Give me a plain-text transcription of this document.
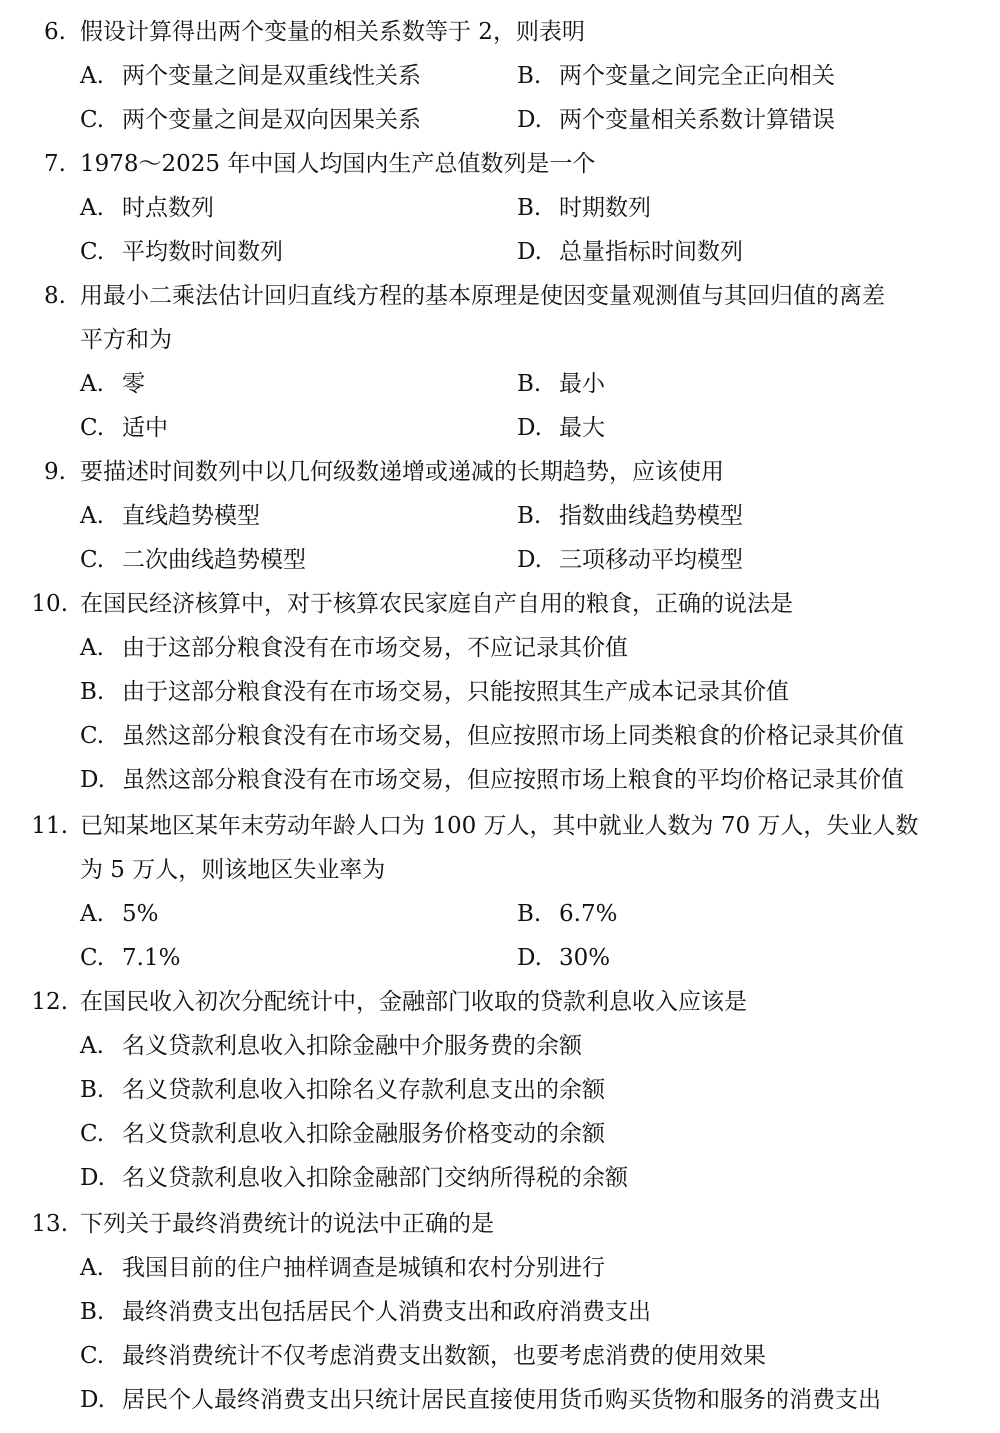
6. 假设计算得出两个变量的相关系数等于 2，则表明
A. 两个变量之间是双重线性关系	B. 两个变量之间完全正向相关
C. 两个变量之间是双向因果关系	D. 两个变量相关系数计算错误
7. 1978～2025 年中国人均国内生产总值数列是一个
A. 时点数列	B. 时期数列
C. 平均数时间数列	D. 总量指标时间数列
8. 用最小二乘法估计回归直线方程的基本原理是使因变量观测值与其回归值的离差
平方和为
A. 零	B. 最小
C. 适中	D. 最大
9. 要描述时间数列中以几何级数递增或递减的长期趋势，应该使用
A. 直线趋势模型	B. 指数曲线趋势模型
C. 二次曲线趋势模型	D. 三项移动平均模型
10. 在国民经济核算中，对于核算农民家庭自产自用的粮食，正确的说法是
A. 由于这部分粮食没有在市场交易，不应记录其价值
B. 由于这部分粮食没有在市场交易，只能按照其生产成本记录其价值
C. 虽然这部分粮食没有在市场交易，但应按照市场上同类粮食的价格记录其价值
D. 虽然这部分粮食没有在市场交易，但应按照市场上粮食的平均价格记录其价值
11. 已知某地区某年末劳动年龄人口为 100 万人，其中就业人数为 70 万人，失业人数
为 5 万人，则该地区失业率为
A. 5%	B. 6.7%
C. 7.1%	D. 30%
12. 在国民收入初次分配统计中，金融部门收取的贷款利息收入应该是
A. 名义贷款利息收入扣除金融中介服务费的余额
B. 名义贷款利息收入扣除名义存款利息支出的余额
C. 名义贷款利息收入扣除金融服务价格变动的余额
D. 名义贷款利息收入扣除金融部门交纳所得税的余额
13. 下列关于最终消费统计的说法中正确的是
A. 我国目前的住户抽样调查是城镇和农村分别进行
B. 最终消费支出包括居民个人消费支出和政府消费支出
C. 最终消费统计不仅考虑消费支出数额，也要考虑消费的使用效果
D. 居民个人最终消费支出只统计居民直接使用货币购买货物和服务的消费支出
